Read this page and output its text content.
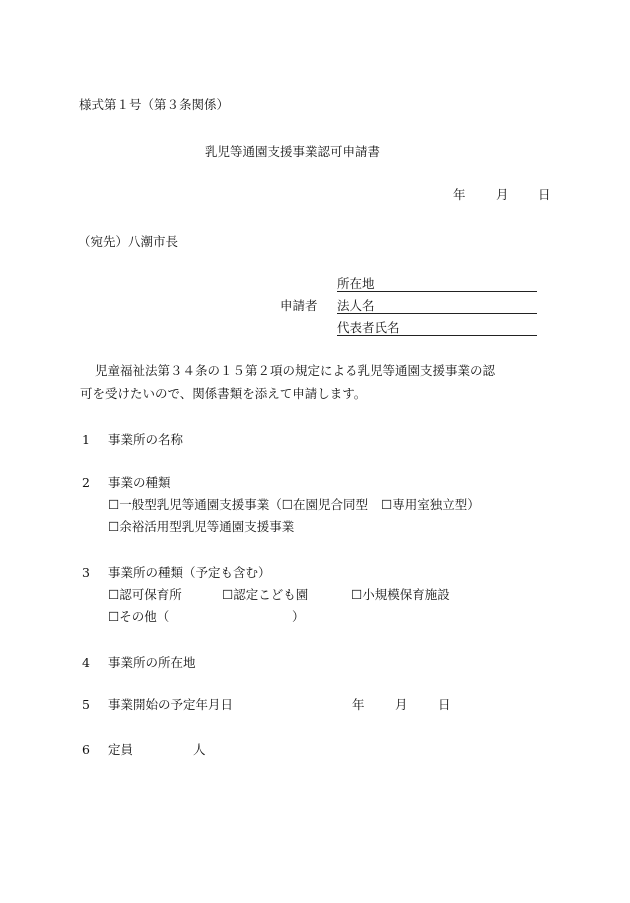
様式第１号（第３条関係）
乳児等通園支援事業認可申請書
年 月 日
（宛先）八潮市長
所在地
申請者 法人名
代表者氏名
児童福祉法第３４条の１５第２項の規定による乳児等通園支援事業の認
可を受けたいので、関係書類を添えて申請します。
1 事業所の名称
2 事業の種類
☐一般型乳児等通園支援事業（☐在園児合同型 ☐専用室独立型）
☐余裕活用型乳児等通園支援事業
3 事業所の種類（予定も含む）
☐認可保育所	☐認定こども園	☐小規模保育施設
☐その他（	）
4 事業所の所在地
5 事業開始の予定年月日	年 月 日
6 定員	人
